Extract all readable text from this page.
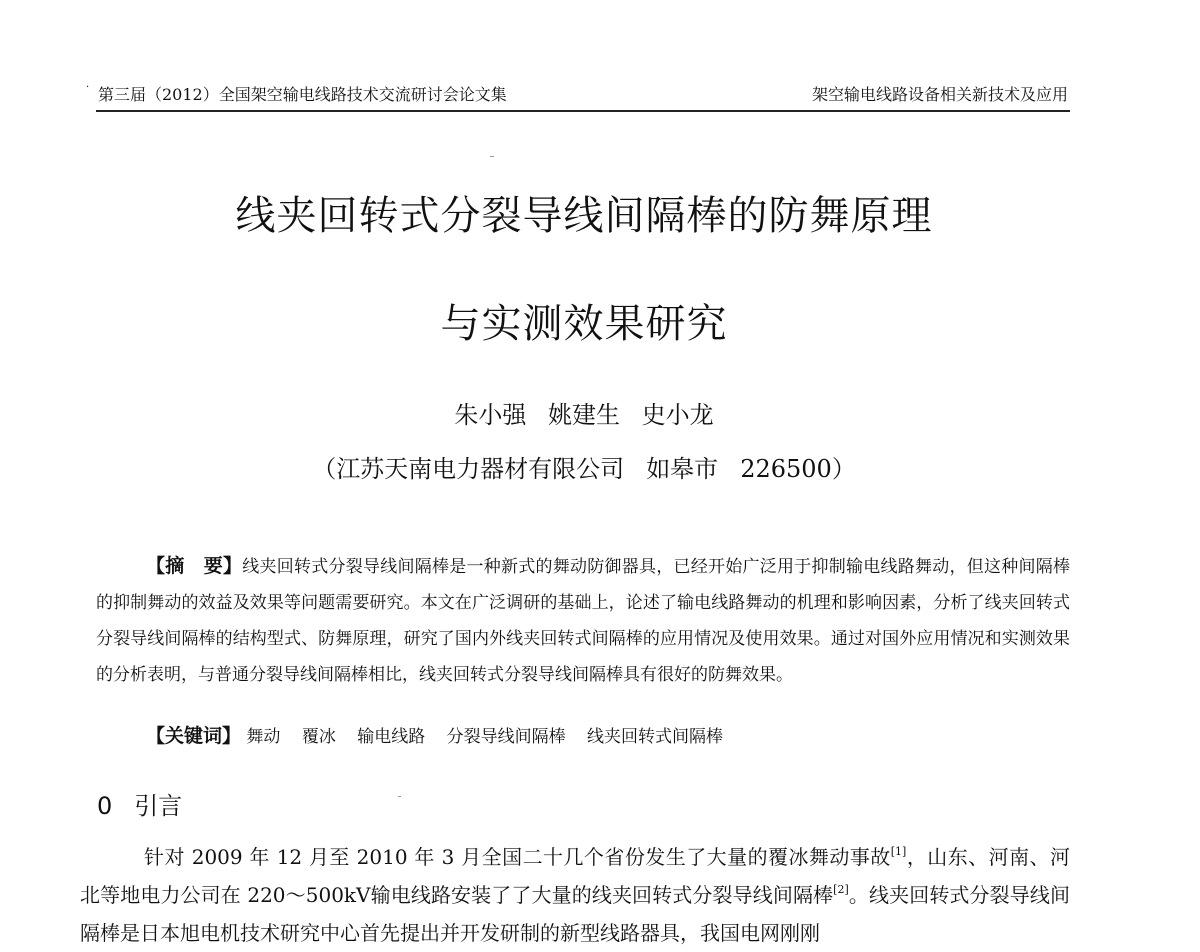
· 第三届（2012）全国架空输电线路技术交流研讨会论文集	架空输电线路设备相关新技术及应用
线夹回转式分裂导线间隔棒的防舞原理
与实测效果研究
朱小强 姚建生 史小龙
（江苏天南电力器材有限公司 如皋市 226500）
【摘　要】线夹回转式分裂导线间隔棒是一种新式的舞动防御器具，已经开始广泛用于抑制输电线路舞动，但这种间隔棒的抑制舞动的效益及效果等问题需要研究。本文在广泛调研的基础上，论述了输电线路舞动的机理和影响因素，分析了线夹回转式分裂导线间隔棒的结构型式、防舞原理，研究了国内外线夹回转式间隔棒的应用情况及使用效果。通过对国外应用情况和实测效果的分析表明，与普通分裂导线间隔棒相比，线夹回转式分裂导线间隔棒具有很好的防舞效果。
【关键词】 舞动 覆冰 输电线路 分裂导线间隔棒 线夹回转式间隔棒
0 引言
针对 2009 年 12 月至 2010 年 3 月全国二十几个省份发生了大量的覆冰舞动事故[1]，山东、河南、河北等地电力公司在 220～500kV输电线路安装了了大量的线夹回转式分裂导线间隔棒[2]。线夹回转式分裂导线间隔棒是日本旭电机技术研究中心首先提出并开发研制的新型线路器具，我国电网刚刚
